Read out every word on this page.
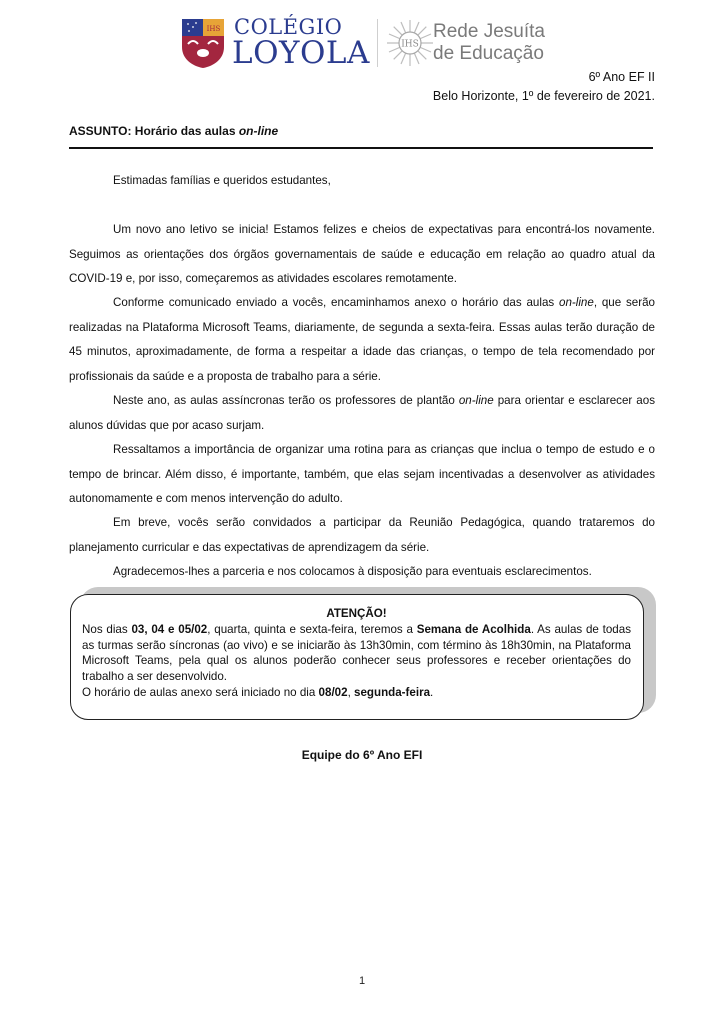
IHS COLÉGIO
LOYOLA	IHS
Rede Jesuíta
de Educação
6º Ano EF II
Belo Horizonte, 1º de fevereiro de 2021.
ASSUNTO: Horário das aulas on-line
Estimadas famílias e queridos estudantes,
Um novo ano letivo se inicia! Estamos felizes e cheios de expectativas para encontrá-los novamente. Seguimos as orientações dos órgãos governamentais de saúde e educação em relação ao quadro atual da COVID-19 e, por isso, começaremos as atividades escolares remotamente.
Conforme comunicado enviado a vocês, encaminhamos anexo o horário das aulas on-line, que serão realizadas na Plataforma Microsoft Teams, diariamente, de segunda a sexta-feira. Essas aulas terão duração de 45 minutos, aproximadamente, de forma a respeitar a idade das crianças, o tempo de tela recomendado por profissionais da saúde e a proposta de trabalho para a série.
Neste ano, as aulas assíncronas terão os professores de plantão on-line para orientar e esclarecer aos alunos dúvidas que por acaso surjam.
Ressaltamos a importância de organizar uma rotina para as crianças que inclua o tempo de estudo e o tempo de brincar. Além disso, é importante, também, que elas sejam incentivadas a desenvolver as atividades autonomamente e com menos intervenção do adulto.
Em breve, vocês serão convidados a participar da Reunião Pedagógica, quando trataremos do planejamento curricular e das expectativas de aprendizagem da série.
Agradecemos-lhes a parceria e nos colocamos à disposição para eventuais esclarecimentos.
ATENÇÃO!
Nos dias 03, 04 e 05/02, quarta, quinta e sexta-feira, teremos a Semana de Acolhida. As aulas de todas as turmas serão síncronas (ao vivo) e se iniciarão às 13h30min, com término às 18h30min, na Plataforma Microsoft Teams, pela qual os alunos poderão conhecer seus professores e receber orientações do trabalho a ser desenvolvido.
O horário de aulas anexo será iniciado no dia 08/02, segunda-feira.
Equipe do 6º Ano EFI
1
